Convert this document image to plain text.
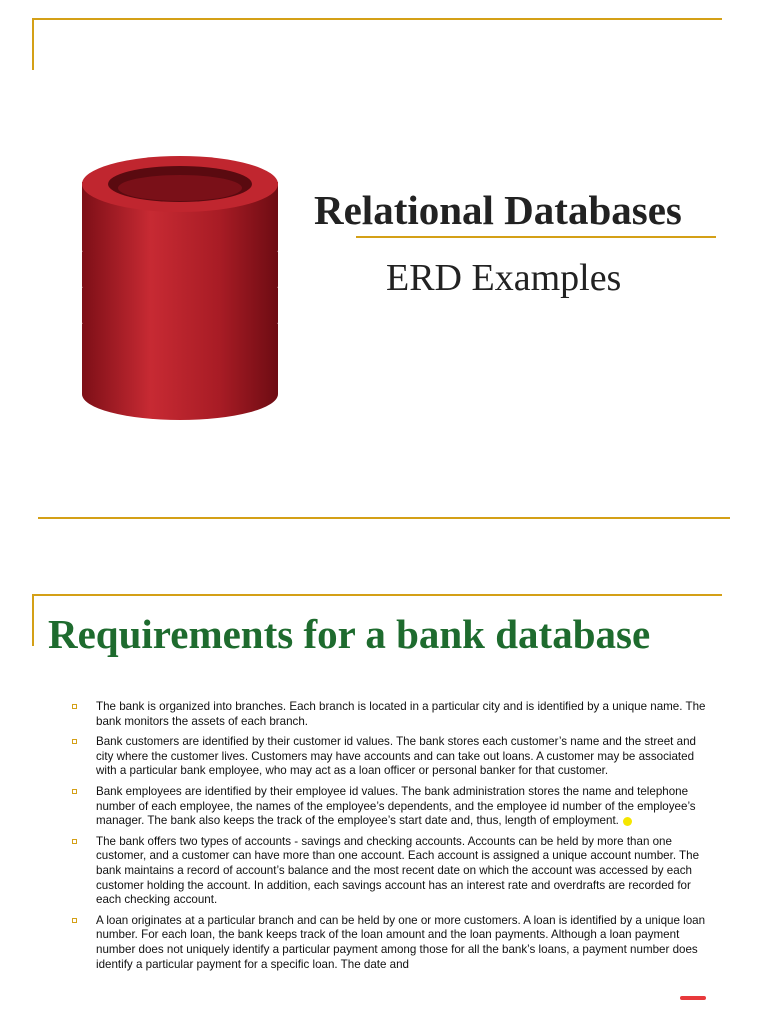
Relational Databases
ERD Examples
Requirements for a bank database
The bank is organized into branches. Each branch is located in a particular city and is identified by a unique name. The bank monitors the assets of each branch.
Bank customers are identified by their customer id values. The bank stores each customer’s name and the street and city where the customer lives. Customers may have accounts and can take out loans. A customer may be associated with a particular bank employee, who may act as a loan officer or personal banker for that customer.
Bank employees are identified by their employee id values. The bank administration stores the name and telephone number of each employee, the names of the employee’s dependents, and the employee id number of the employee’s manager. The bank also keeps the track of the employee’s start date and, thus, length of employment.
The bank offers two types of accounts - savings and checking accounts. Accounts can be held by more than one customer, and a customer can have more than one account. Each account is assigned a unique account number. The bank maintains a record of account’s balance and the most recent date on which the account was accessed by each customer holding the account. In addition, each savings account has an interest rate and overdrafts are recorded for each checking account.
A loan originates at a particular branch and can be held by one or more customers. A loan is identified by a unique loan number. For each loan, the bank keeps track of the loan amount and the loan payments. Although a loan payment number does not uniquely identify a particular payment among those for all the bank’s loans, a payment number does identify a particular payment for a specific loan. The date and
